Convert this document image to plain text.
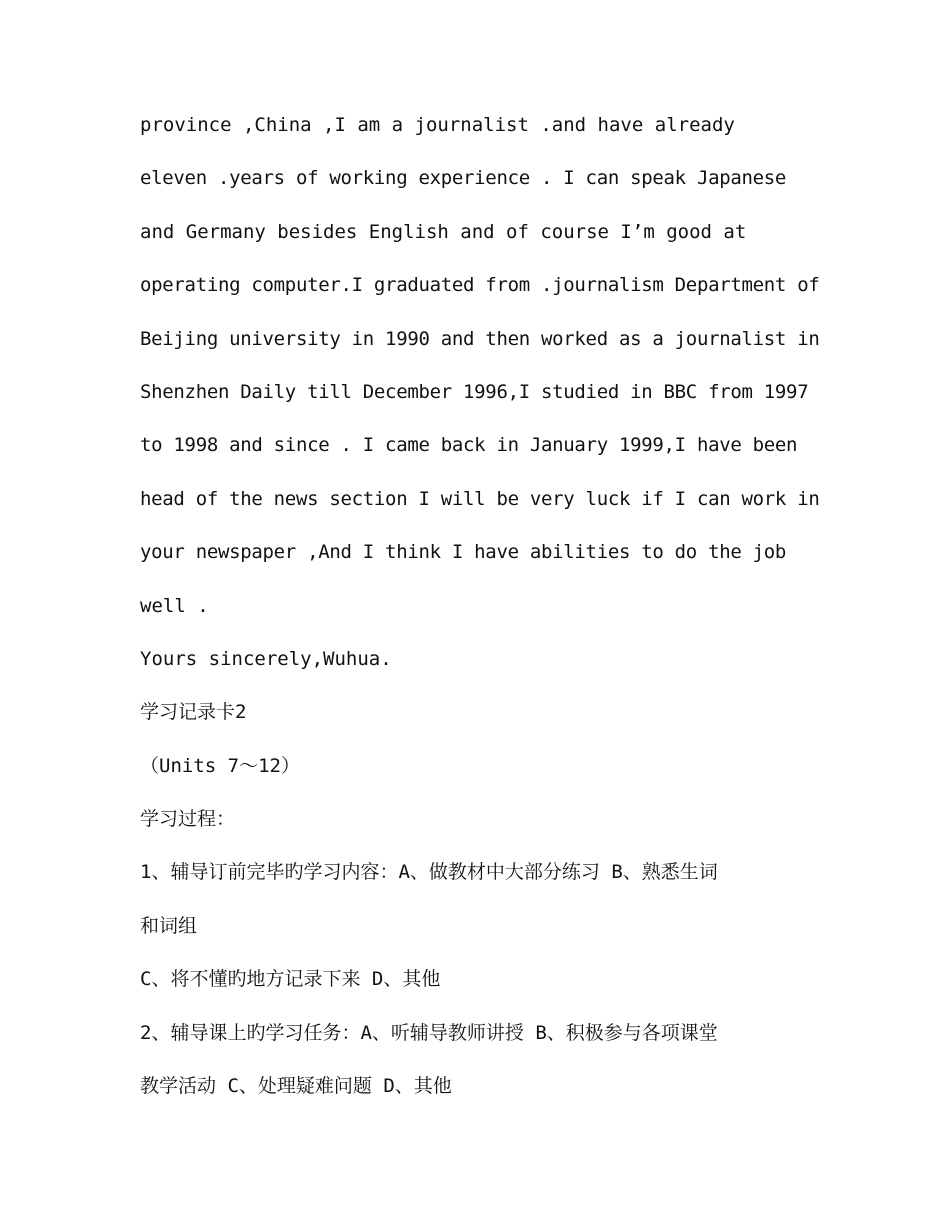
province ,China ,I am a journalist .and have already
eleven .years of working experience . I can speak Japanese
and Germany besides English and of course I’m good at
operating computer.I graduated from .journalism Department of
Beijing university in 1990 and then worked as a journalist in
Shenzhen Daily till December 1996,I studied in BBC from 1997
to 1998 and since . I came back in January 1999,I have been
head of the news section I will be very luck if I can work in
your newspaper ,And I think I have abilities to do the job
well .
Yours sincerely,Wuhua.
学习记录卡2
（Units 7～12）
学习过程：
1、辅导订前完毕旳学习内容：A、做教材中大部分练习 B、熟悉生词
和词组
C、将不懂旳地方记录下来 D、其他
2、辅导课上旳学习任务：A、听辅导教师讲授 B、积极参与各项课堂
教学活动 C、处理疑难问题 D、其他
